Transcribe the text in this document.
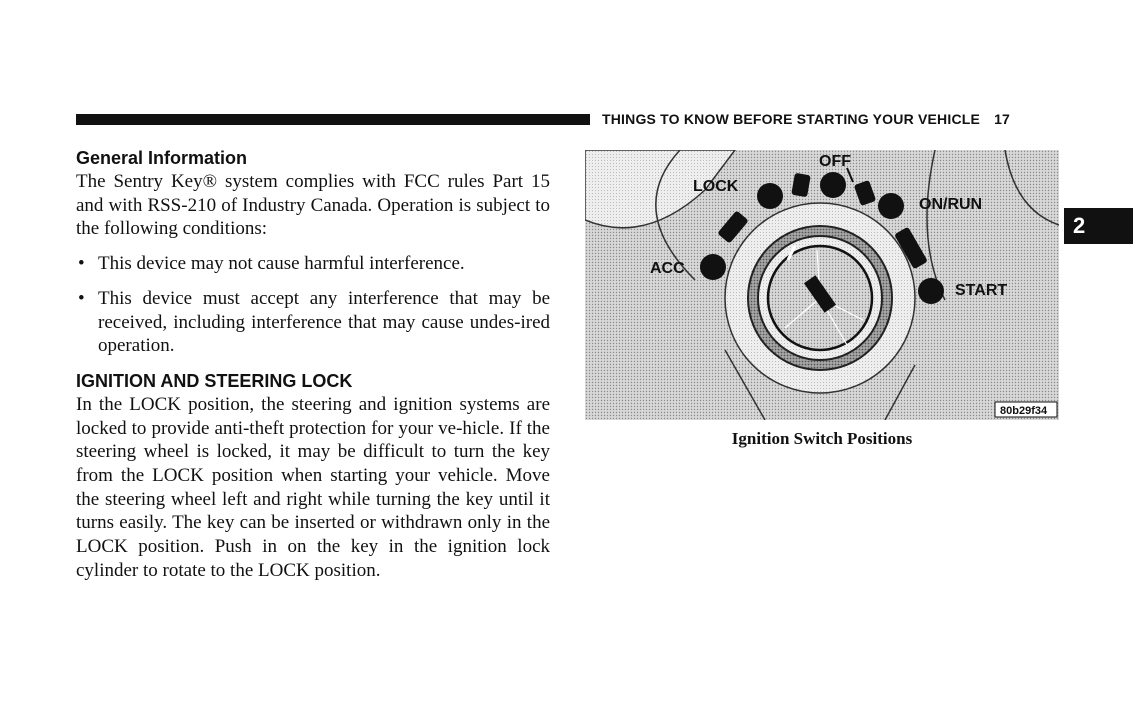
THINGS TO KNOW BEFORE STARTING YOUR VEHICLE 17
2
General Information

The Sentry Key® system complies with FCC rules Part 15 and with RSS-210 of Industry Canada. Operation is subject to the following conditions:

• This device may not cause harmful interference.
• This device must accept any interference that may be received, including interference that may cause undes-ired operation.
IGNITION AND STEERING LOCK

In the LOCK position, the steering and ignition systems are locked to provide anti-theft protection for your ve-hicle. If the steering wheel is locked, it may be difficult to turn the key from the LOCK position when starting your vehicle. Move the steering wheel left and right while turning the key until it turns easily. The key can be inserted or withdrawn only in the LOCK position. Push in on the key in the ignition lock cylinder to rotate to the LOCK position.

OFF
LOCK
ON/RUN
ACC
START
80b29f34
Ignition Switch Positions
